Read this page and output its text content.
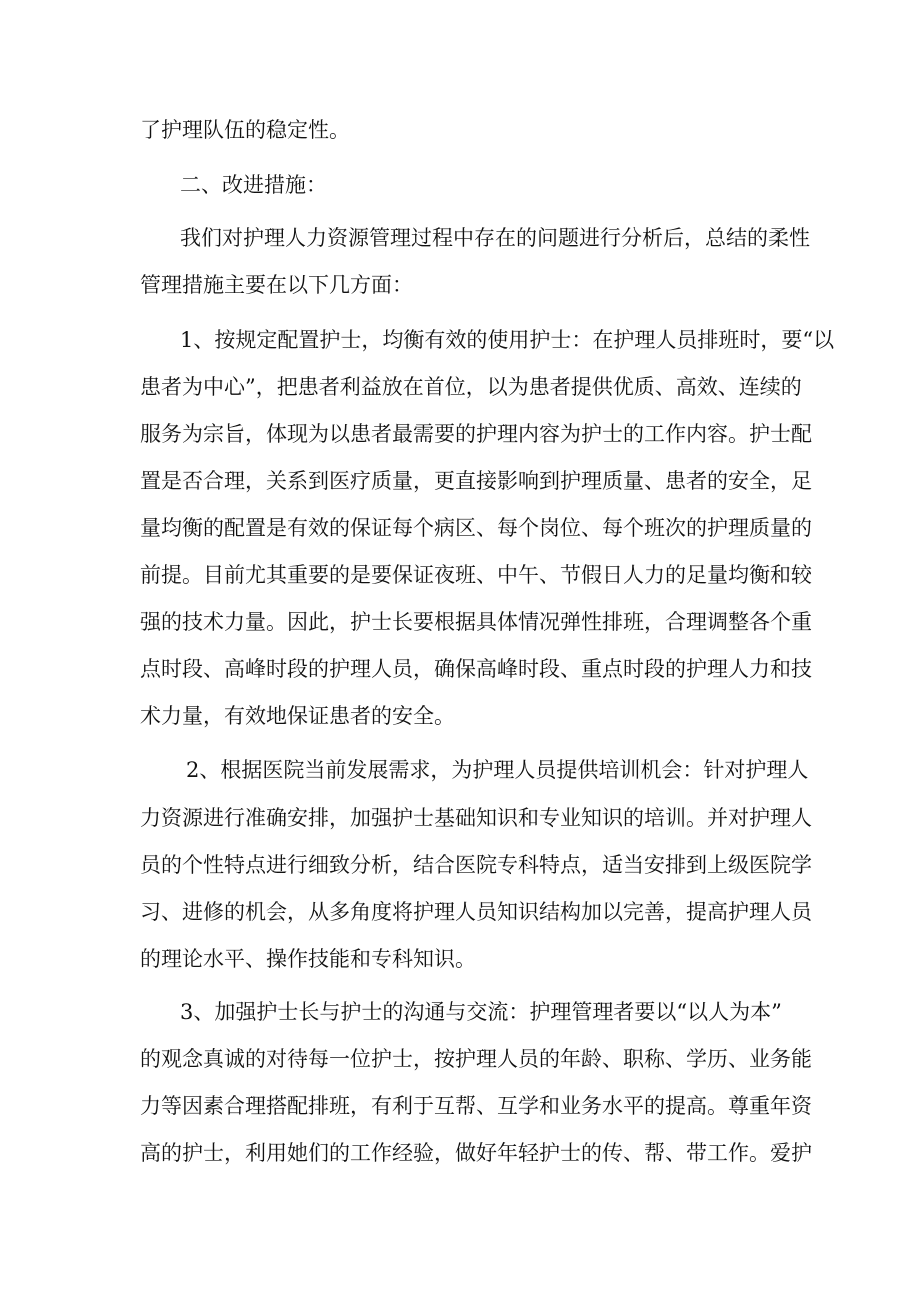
了护理队伍的稳定性。

二、改进措施：

我们对护理人力资源管理过程中存在的问题进行分析后，总结的柔性

管理措施主要在以下几方面：

1、按规定配置护士，均衡有效的使用护士：在护理人员排班时，要“以

患者为中心”，把患者利益放在首位，以为患者提供优质、高效、连续的

服务为宗旨，体现为以患者最需要的护理内容为护士的工作内容。护士配

置是否合理，关系到医疗质量，更直接影响到护理质量、患者的安全，足

量均衡的配置是有效的保证每个病区、每个岗位、每个班次的护理质量的

前提。目前尤其重要的是要保证夜班、中午、节假日人力的足量均衡和较

强的技术力量。因此，护士长要根据具体情况弹性排班，合理调整各个重

点时段、高峰时段的护理人员，确保高峰时段、重点时段的护理人力和技

术力量，有效地保证患者的安全。

2、根据医院当前发展需求，为护理人员提供培训机会：针对护理人

力资源进行准确安排，加强护士基础知识和专业知识的培训。并对护理人

员的个性特点进行细致分析，结合医院专科特点，适当安排到上级医院学

习、进修的机会，从多角度将护理人员知识结构加以完善，提高护理人员

的理论水平、操作技能和专科知识。

3、加强护士长与护士的沟通与交流：护理管理者要以“以人为本”

的观念真诚的对待每一位护士，按护理人员的年龄、职称、学历、业务能

力等因素合理搭配排班，有利于互帮、互学和业务水平的提高。尊重年资

高的护士，利用她们的工作经验，做好年轻护士的传、帮、带工作。爱护
